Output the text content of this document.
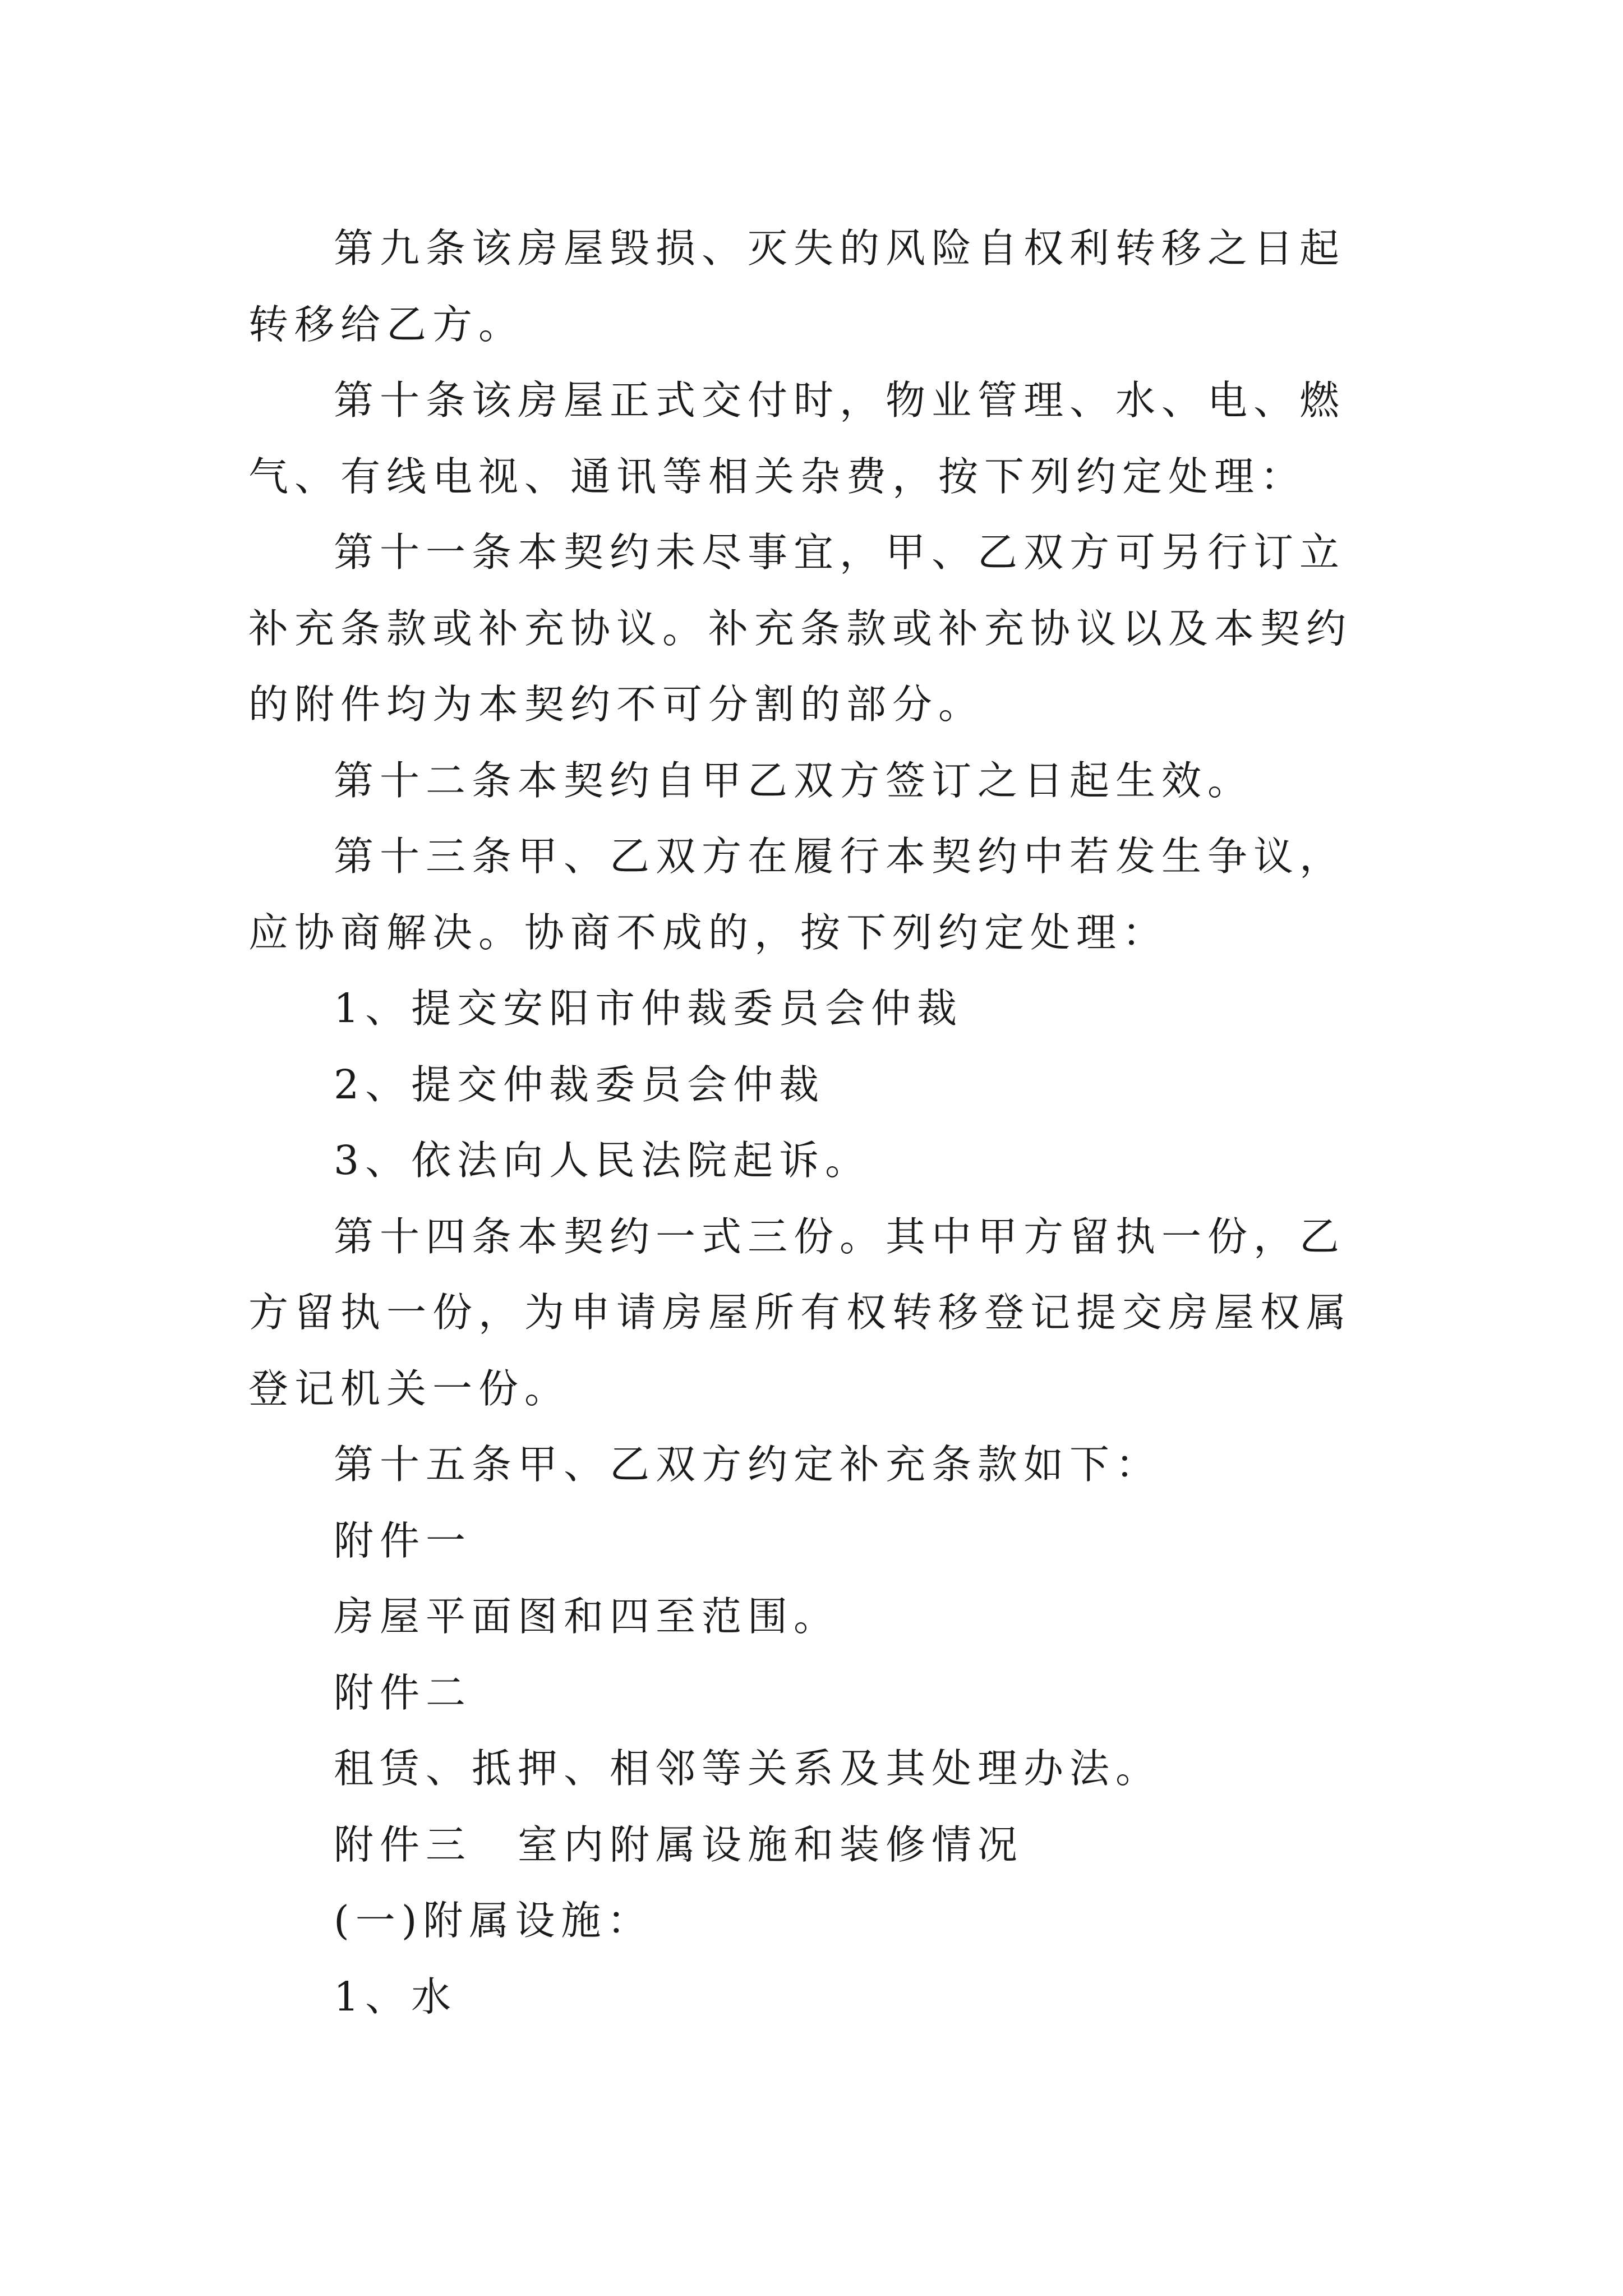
第九条该房屋毁损、灭失的风险自权利转移之日起转移给乙方。

第十条该房屋正式交付时，物业管理、水、电、燃气、有线电视、通讯等相关杂费，按下列约定处理：

第十一条本契约未尽事宜，甲、乙双方可另行订立补充条款或补充协议。补充条款或补充协议以及本契约的附件均为本契约不可分割的部分。

第十二条本契约自甲乙双方签订之日起生效。

第十三条甲、乙双方在履行本契约中若发生争议，应协商解决。协商不成的，按下列约定处理：

1、提交安阳市仲裁委员会仲裁

2、提交仲裁委员会仲裁

3、依法向人民法院起诉。

第十四条本契约一式三份。其中甲方留执一份，乙方留执一份，为申请房屋所有权转移登记提交房屋权属登记机关一份。

第十五条甲、乙双方约定补充条款如下：

附件一

房屋平面图和四至范围。

附件二

租赁、抵押、相邻等关系及其处理办法。

附件三　室内附属设施和装修情况

(一)附属设施：

1、水
